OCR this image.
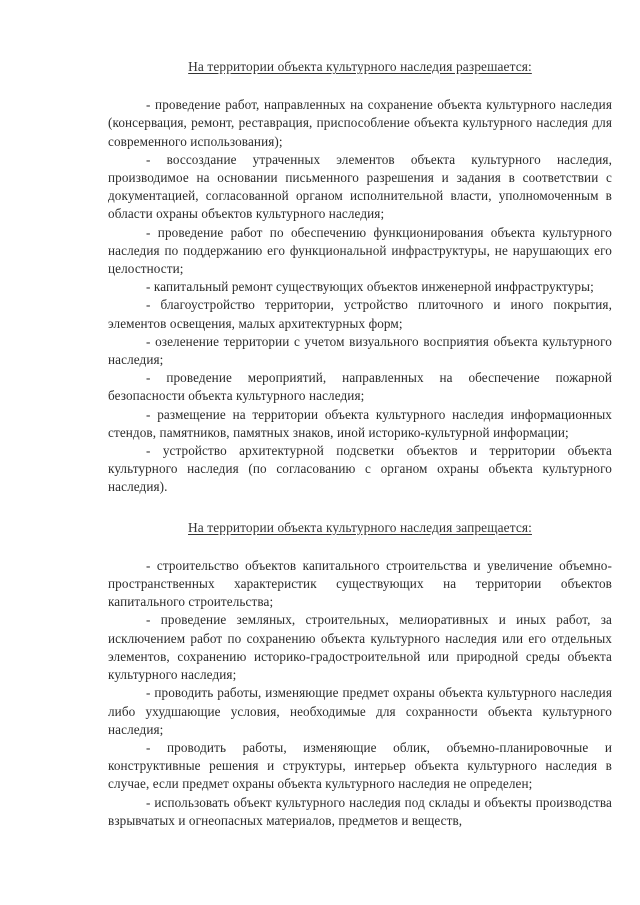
На территории объекта культурного наследия разрешается:

- проведение работ, направленных на сохранение объекта культурного наследия (консервация, ремонт, реставрация, приспособление объекта культурного наследия для современного использования);

- воссоздание утраченных элементов объекта культурного наследия, производимое на основании письменного разрешения и задания в соответствии с документацией, согласованной органом исполнительной власти, уполномоченным в области охраны объектов культурного наследия;

- проведение работ по обеспечению функционирования объекта культурного наследия по поддержанию его функциональной инфраструктуры, не нарушающих его целостности;

- капитальный ремонт существующих объектов инженерной инфраструктуры;

- благоустройство территории, устройство плиточного и иного покрытия, элементов освещения, малых архитектурных форм;

- озеленение территории с учетом визуального восприятия объекта культурного наследия;

- проведение мероприятий, направленных на обеспечение пожарной безопасности объекта культурного наследия;

- размещение на территории объекта культурного наследия информационных стендов, памятников, памятных знаков, иной историко-культурной информации;

- устройство архитектурной подсветки объектов и территории объекта культурного наследия (по согласованию с органом охраны объекта культурного наследия).

На территории объекта культурного наследия запрещается:

- строительство объектов капитального строительства и увеличение объемно-пространственных характеристик существующих на территории объектов капитального строительства;

- проведение земляных, строительных, мелиоративных и иных работ, за исключением работ по сохранению объекта культурного наследия или его отдельных элементов, сохранению историко-градостроительной или природной среды объекта культурного наследия;

- проводить работы, изменяющие предмет охраны объекта культурного наследия либо ухудшающие условия, необходимые для сохранности объекта культурного наследия;

- проводить работы, изменяющие облик, объемно-планировочные и конструктивные решения и структуры, интерьер объекта культурного наследия в случае, если предмет охраны объекта культурного наследия не определен;

- использовать объект культурного наследия под склады и объекты производства взрывчатых и огнеопасных материалов, предметов и веществ,
